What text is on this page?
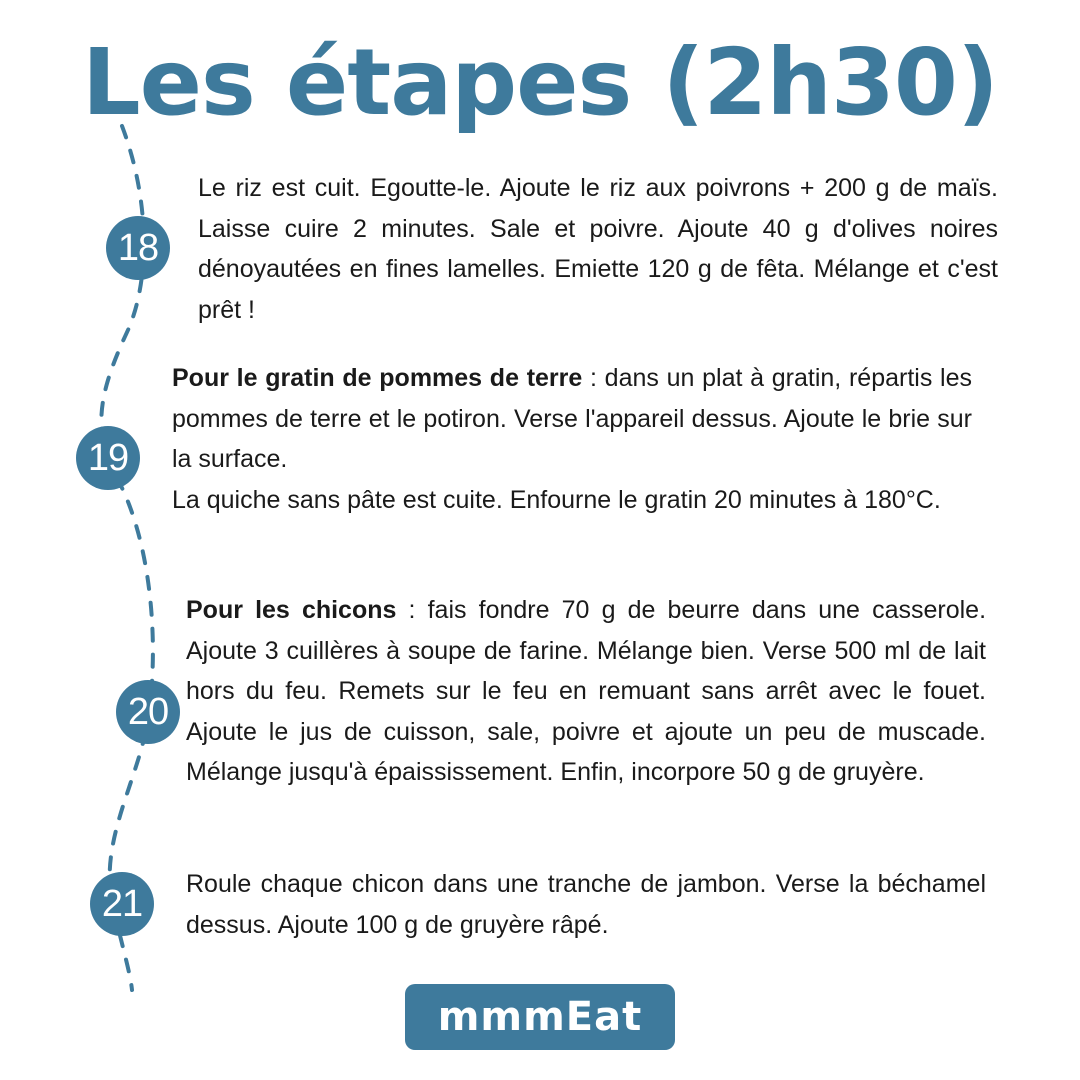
Les étapes (2h30)
18
19
20
21

Le riz est cuit. Egoutte-le. Ajoute le riz aux poivrons + 200 g de maïs. Laisse cuire 2 minutes. Sale et poivre. Ajoute 40 g d'olives noires dénoyautées en fines lamelles. Emiette 120 g de fêta. Mélange et c'est prêt !

Pour le gratin de pommes de terre : dans un plat à gratin, répartis les pommes de terre et le potiron. Verse l'appareil dessus. Ajoute le brie sur la surface.

La quiche sans pâte est cuite. Enfourne le gratin 20 minutes à 180°C.

Pour les chicons : fais fondre 70 g de beurre dans une casserole. Ajoute 3 cuillères à soupe de farine. Mélange bien. Verse 500 ml de lait hors du feu. Remets sur le feu en remuant sans arrêt avec le fouet. Ajoute le jus de cuisson, sale, poivre et ajoute un peu de muscade. Mélange jusqu'à épaississement. Enfin, incorpore 50 g de gruyère.

Roule chaque chicon dans une tranche de jambon. Verse la béchamel dessus. Ajoute 100 g de gruyère râpé.

mmmEat
